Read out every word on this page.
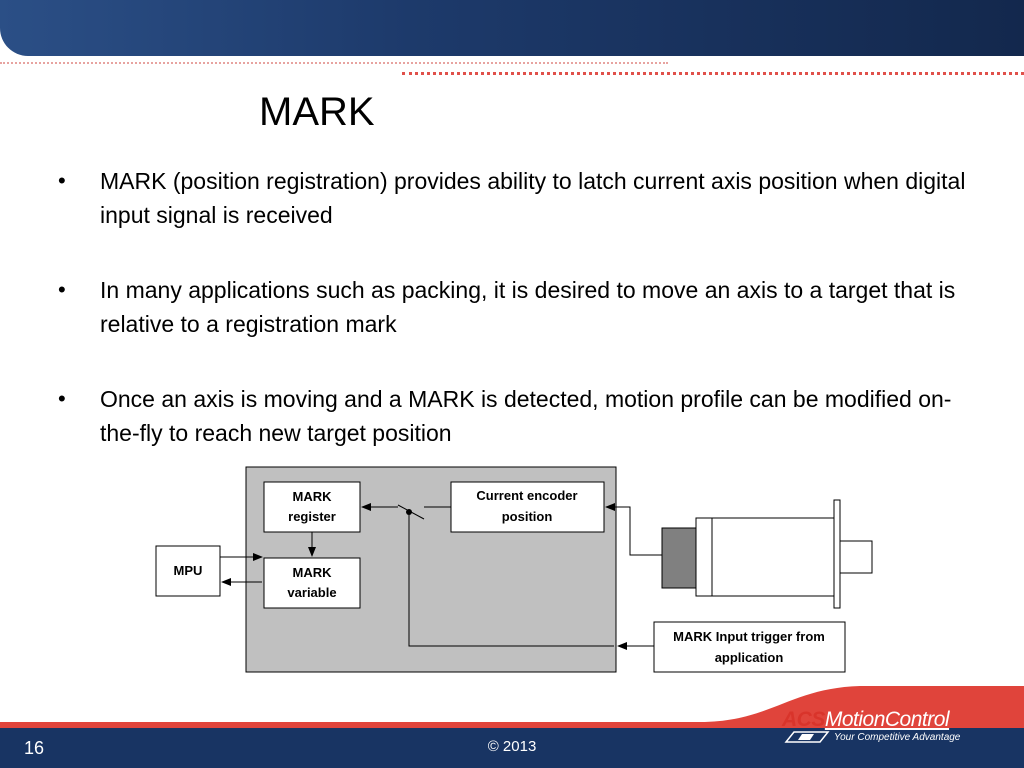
MARK
• MARK (position registration) provides ability to latch current axis position when digital input signal is received
• In many applications such as packing, it is desired to move an axis to a target that is relative to a registration mark
• Once an axis is moving and a MARK is detected, motion profile can be modified on-the-fly to reach new target position
MARK
register
MARK
variable
MPU
Current encoder
position
MARK Input trigger from
application
16	© 2013
ACSMotionControl
Your Competitive Advantage
